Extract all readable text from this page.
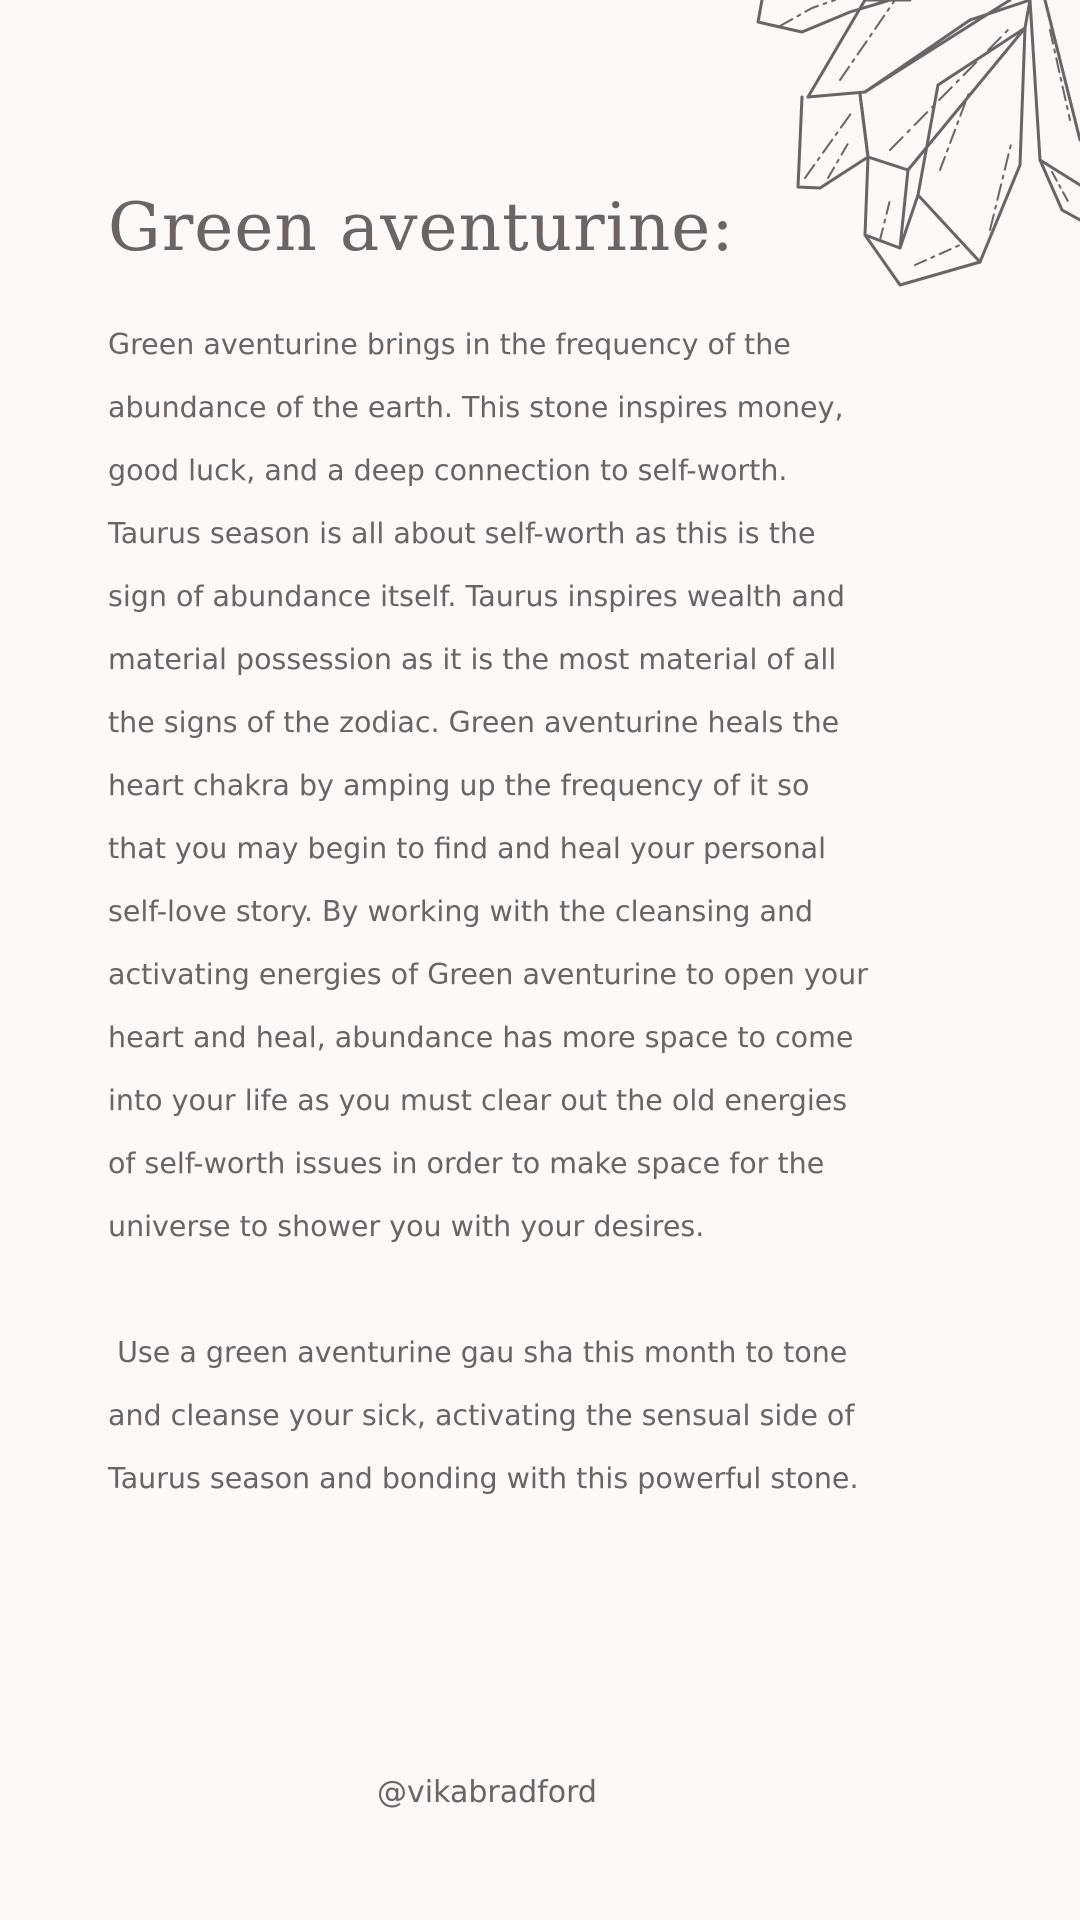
Green aventurine:

Green aventurine brings in the frequency of the abundance of the earth. This stone inspires money, good luck, and a deep connection to self-worth. Taurus season is all about self-worth as this is the sign of abundance itself. Taurus inspires wealth and material possession as it is the most material of all the signs of the zodiac. Green aventurine heals the heart chakra by amping up the frequency of it so that you may begin to find and heal your personal self-love story. By working with the cleansing and activating energies of Green aventurine to open your heart and heal, abundance has more space to come into your life as you must clear out the old energies of self-worth issues in order to make space for the universe to shower you with your desires.

Use a green aventurine gau sha this month to tone and cleanse your sick, activating the sensual side of Taurus season and bonding with this powerful stone.

@vikabradford
